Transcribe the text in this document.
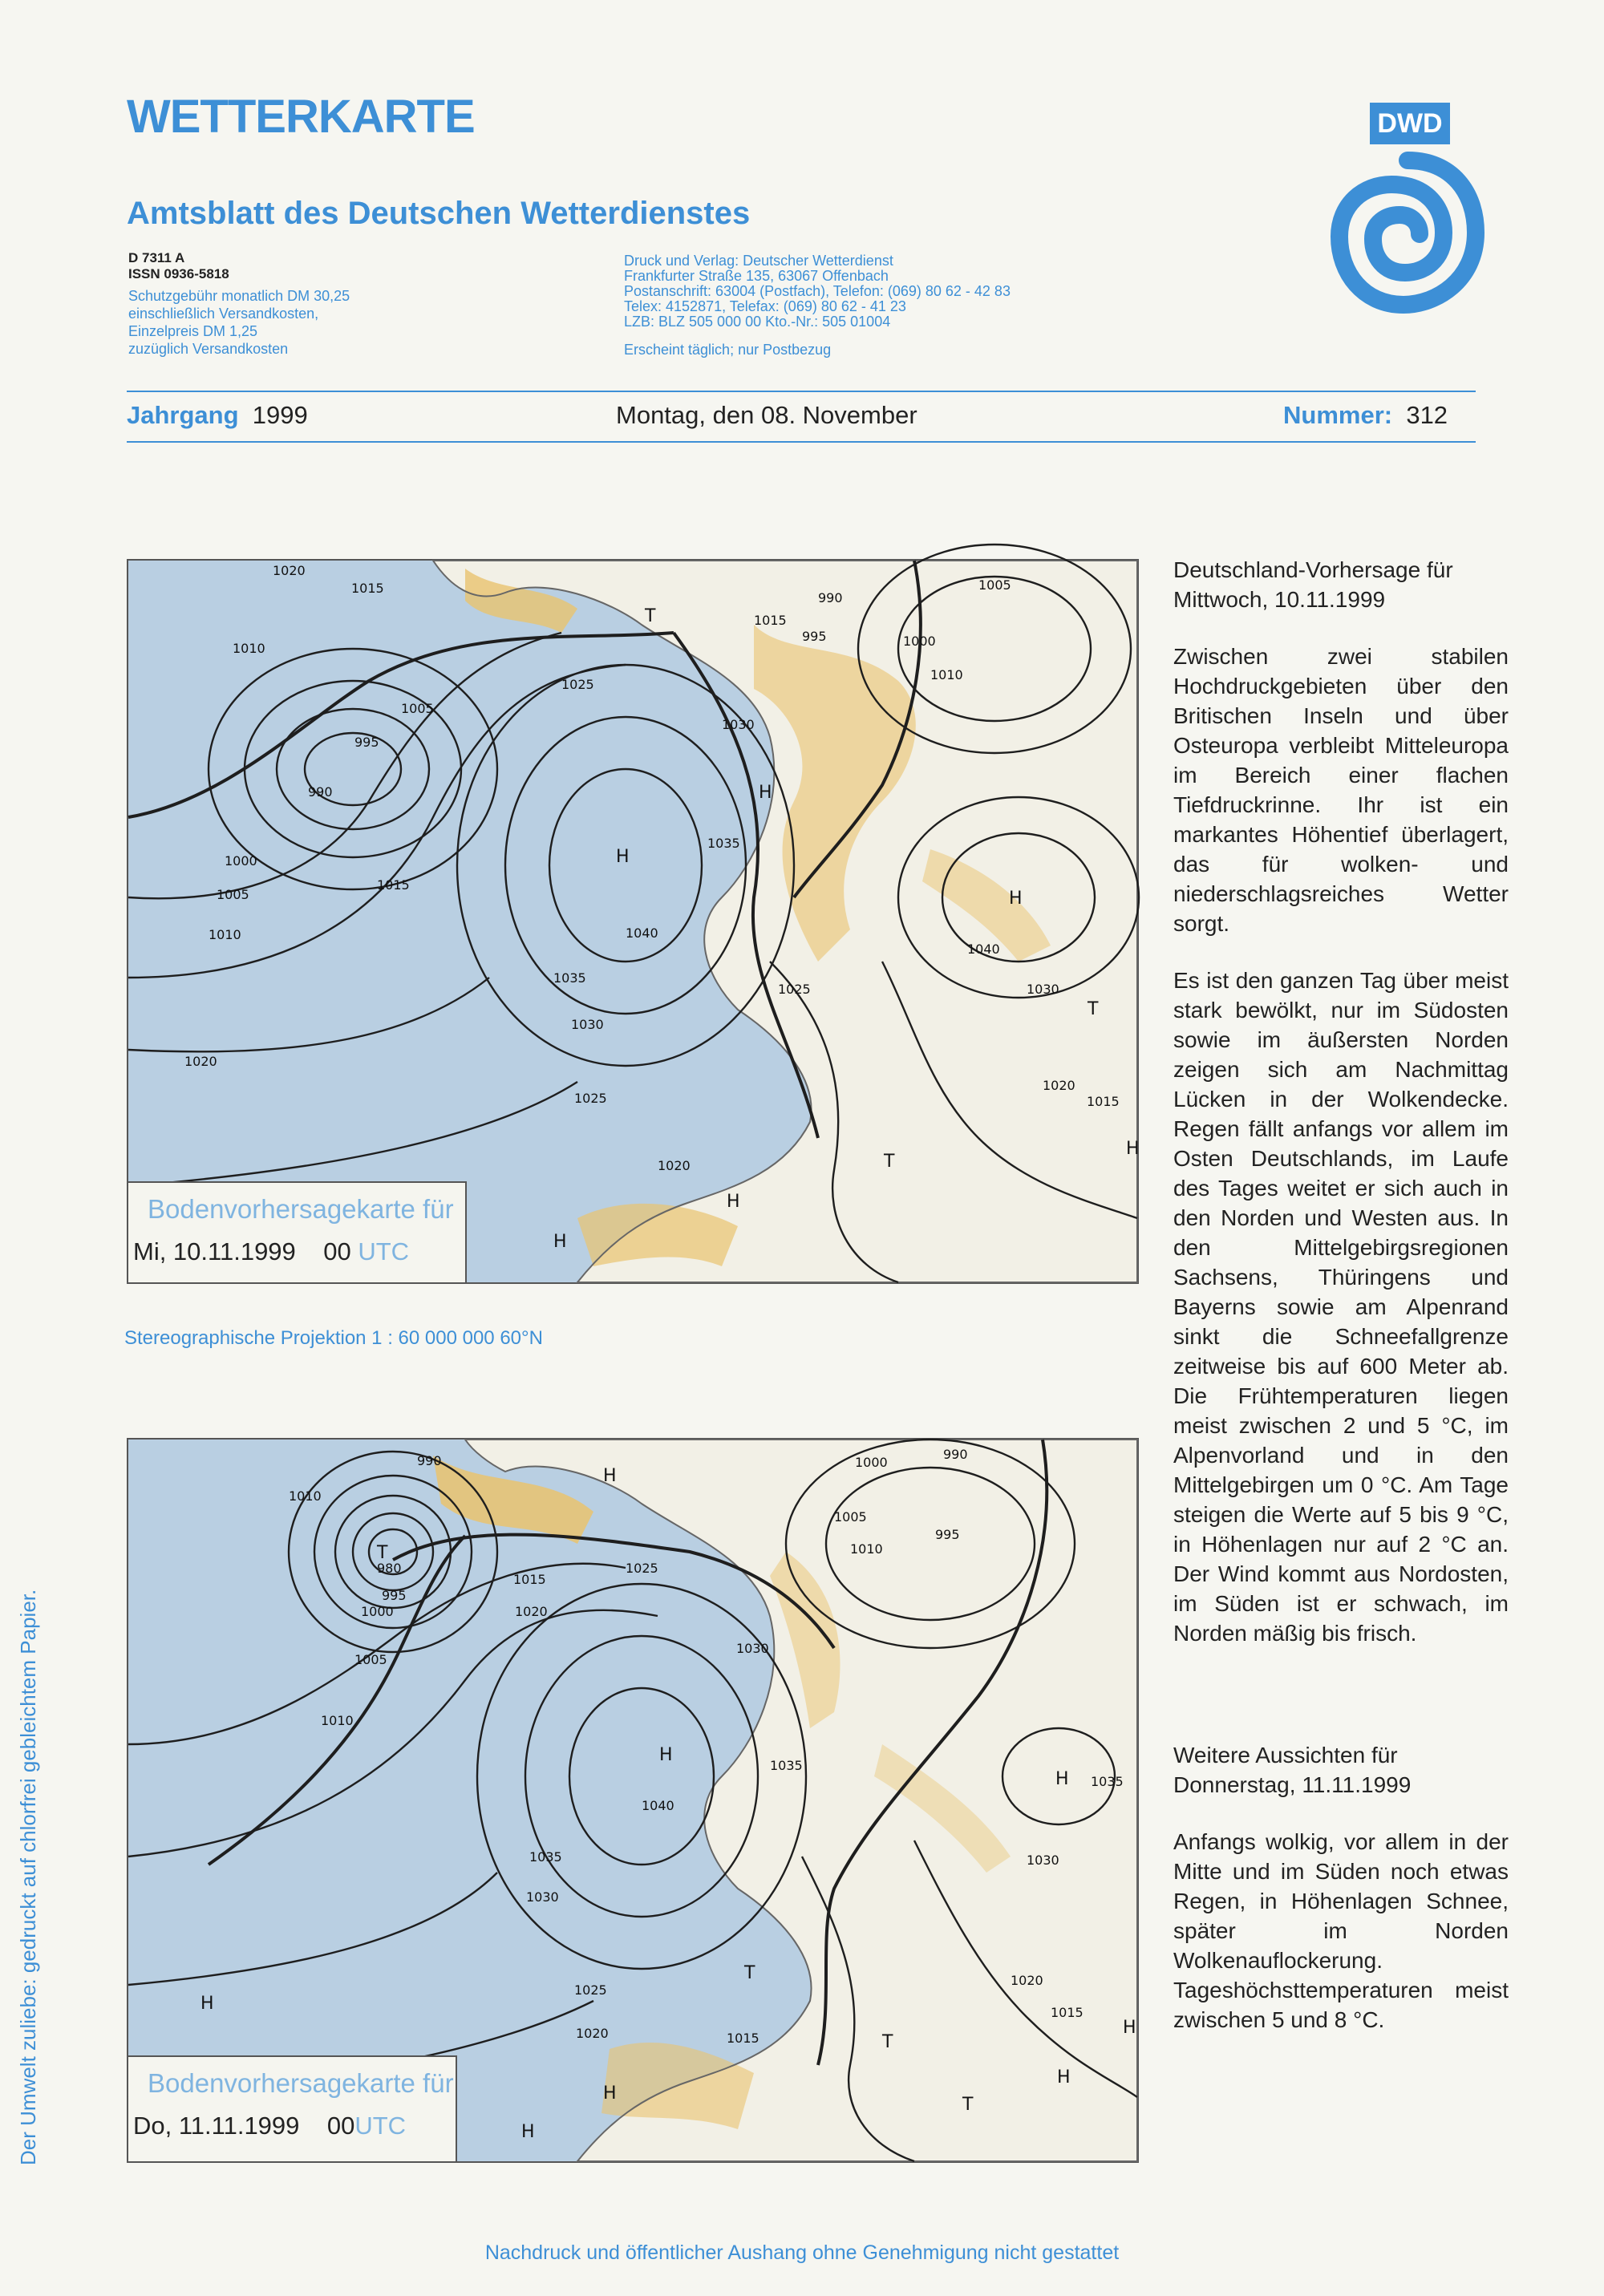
WETTERKARTE
Amtsblatt des Deutschen Wetterdienstes
DWD
D 7311 A
ISSN 0936-5818
Schutzgebühr monatlich DM 30,25
einschließlich Versandkosten,
Einzelpreis DM 1,25
zuzüglich Versandkosten
Druck und Verlag: Deutscher Wetterdienst
Frankfurter Straße 135, 63067 Offenbach
Postanschrift: 63004 (Postfach), Telefon: (069) 80 62 - 42 83
Telex: 4152871, Telefax: (069) 80 62 - 41 23
LZB: BLZ 505 000 00 Kto.-Nr.: 505 01004
Erscheint täglich; nur Postbezug
Jahrgang 1999	Montag, den 08. November	Nummer: 312
1020
1015
1010
1005
995
990
1000
1005
1010
1015
1020
1025
1030
1035
1040
1035
1030
1025
1020
1015
1010
1005
1000
995
990
1015
1020
1025	1030
1040
H
H
H
H
T
T
T
H
H
Bodenvorhersagekarte für
Mi, 10.11.1999 00 UTC
Stereographische Projektion 1 : 60 000 000 60°N
990
1010
980
995
1000
1005
1010
1015
1020
1025
1030
1035
1040
1035
1030
1025
1020	1015
1010
1005
1000
995
990
1030
1035
1020
1015
T
H
H
H
H
T
T
T
H
H
H
H
Bodenvorhersagekarte für
Do, 11.11.1999 00UTC

Deutschland-Vorhersage für Mittwoch, 10.11.1999

Zwischen zwei stabilen Hochdruckgebieten über den Britischen Inseln und über Osteuropa verbleibt Mitteleuropa im Bereich einer flachen Tiefdruckrinne. Ihr ist ein markantes Höhentief überlagert, das für wolken- und niederschlagsreiches Wetter sorgt.

Es ist den ganzen Tag über meist stark bewölkt, nur im Südosten sowie im äußersten Norden zeigen sich am Nachmittag Lücken in der Wolkendecke. Regen fällt anfangs vor allem im Osten Deutschlands, im Laufe des Tages weitet er sich auch in den Norden und Westen aus. In den Mittelgebirgsregionen Sachsens, Thüringens und Bayerns sowie am Alpenrand sinkt die Schneefallgrenze zeitweise bis auf 600 Meter ab. Die Frühtemperaturen liegen meist zwischen 2 und 5 °C, im Alpenvorland und in den Mittelgebirgen um 0 °C. Am Tage steigen die Werte auf 5 bis 9 °C, in Höhenlagen nur auf 2 °C an. Der Wind kommt aus Nordosten, im Süden ist er schwach, im Norden mäßig bis frisch.

Weitere Aussichten für Donnerstag, 11.11.1999

Anfangs wolkig, vor allem in der Mitte und im Süden noch etwas Regen, in Höhenlagen Schnee, später im Norden Wolkenauflockerung. Tageshöchsttemperaturen meist zwischen 5 und 8 °C.

Der Umwelt zuliebe: gedruckt auf chlorfrei gebleichtem Papier.
Nachdruck und öffentlicher Aushang ohne Genehmigung nicht gestattet
